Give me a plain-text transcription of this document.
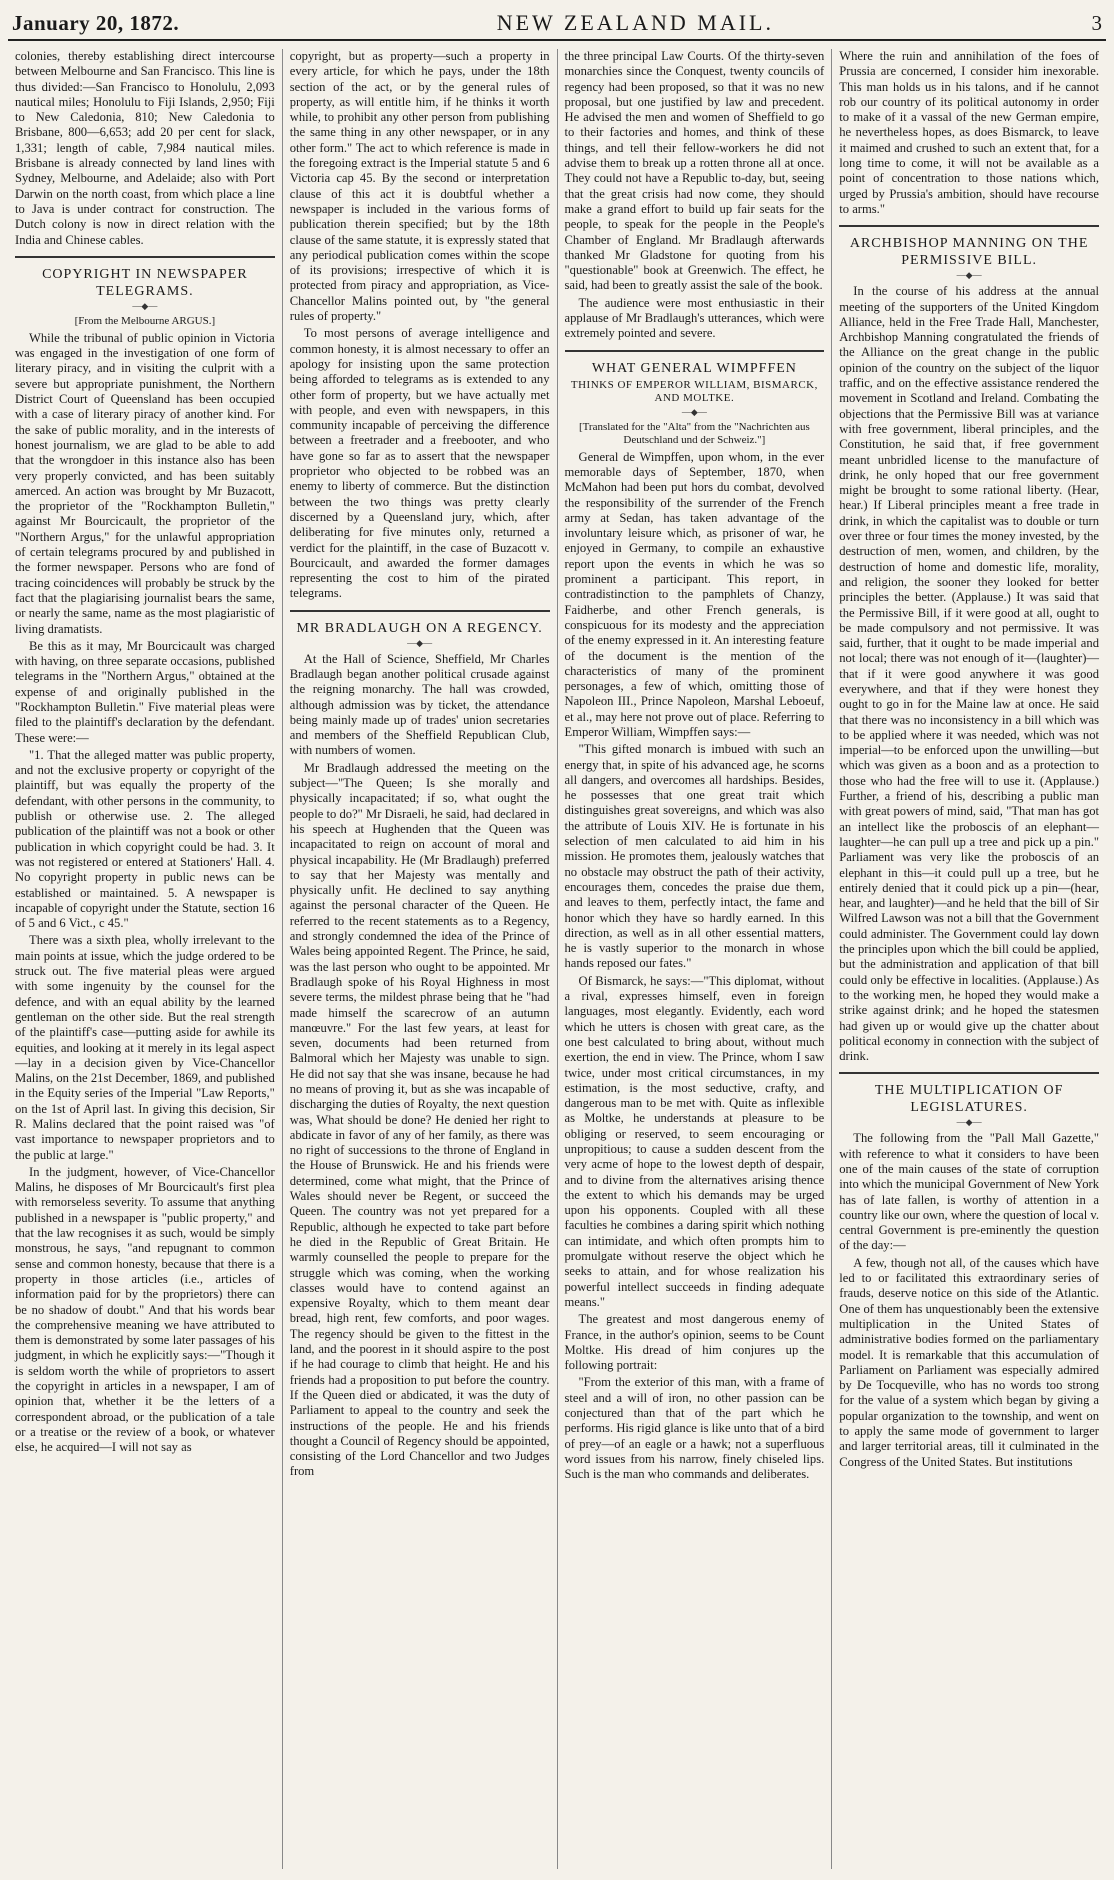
January 20, 1872.	NEW ZEALAND MAIL.	3

colonies, thereby establishing direct intercourse between Melbourne and San Francisco. This line is thus divided:—San Francisco to Honolulu, 2,093 nautical miles; Honolulu to Fiji Islands, 2,950; Fiji to New Caledonia, 810; New Caledonia to Brisbane, 800—6,653; add 20 per cent for slack, 1,331; length of cable, 7,984 nautical miles. Brisbane is already connected by land lines with Sydney, Melbourne, and Adelaide; also with Port Darwin on the north coast, from which place a line to Java is under contract for construction. The Dutch colony is now in direct relation with the India and Chinese cables.

COPYRIGHT IN NEWSPAPER TELEGRAMS.
—◆—
[From the Melbourne ARGUS.]

While the tribunal of public opinion in Victoria was engaged in the investigation of one form of literary piracy, and in visiting the culprit with a severe but appropriate punishment, the Northern District Court of Queensland has been occupied with a case of literary piracy of another kind. For the sake of public morality, and in the interests of honest journalism, we are glad to be able to add that the wrongdoer in this instance also has been very properly convicted, and has been suitably amerced. An action was brought by Mr Buzacott, the proprietor of the "Rockhampton Bulletin," against Mr Bourcicault, the proprietor of the "Northern Argus," for the unlawful appropriation of certain telegrams procured by and published in the former newspaper. Persons who are fond of tracing coincidences will probably be struck by the fact that the plagiarising journalist bears the same, or nearly the same, name as the most plagiaristic of living dramatists.

Be this as it may, Mr Bourcicault was charged with having, on three separate occasions, published telegrams in the "Northern Argus," obtained at the expense of and originally published in the "Rockhampton Bulletin." Five material pleas were filed to the plaintiff's declaration by the defendant. These were:—

"1. That the alleged matter was public property, and not the exclusive property or copyright of the plaintiff, but was equally the property of the defendant, with other persons in the community, to publish or otherwise use. 2. The alleged publication of the plaintiff was not a book or other publication in which copyright could be had. 3. It was not registered or entered at Stationers' Hall. 4. No copyright property in public news can be established or maintained. 5. A newspaper is incapable of copyright under the Statute, section 16 of 5 and 6 Vict., c 45."

There was a sixth plea, wholly irrelevant to the main points at issue, which the judge ordered to be struck out. The five material pleas were argued with some ingenuity by the counsel for the defence, and with an equal ability by the learned gentleman on the other side. But the real strength of the plaintiff's case—putting aside for awhile its equities, and looking at it merely in its legal aspect—lay in a decision given by Vice-Chancellor Malins, on the 21st December, 1869, and published in the Equity series of the Imperial "Law Reports," on the 1st of April last. In giving this decision, Sir R. Malins declared that the point raised was "of vast importance to newspaper proprietors and to the public at large."

In the judgment, however, of Vice-Chancellor Malins, he disposes of Mr Bourcicault's first plea with remorseless severity. To assume that anything published in a newspaper is "public property," and that the law recognises it as such, would be simply monstrous, he says, "and repugnant to common sense and common honesty, because that there is a property in those articles (i.e., articles of information paid for by the proprietors) there can be no shadow of doubt." And that his words bear the comprehensive meaning we have attributed to them is demonstrated by some later passages of his judgment, in which he explicitly says:—"Though it is seldom worth the while of proprietors to assert the copyright in articles in a newspaper, I am of opinion that, whether it be the letters of a correspondent abroad, or the publication of a tale or a treatise or the review of a book, or whatever else, he acquired—I will not say as

copyright, but as property—such a property in every article, for which he pays, under the 18th section of the act, or by the general rules of property, as will entitle him, if he thinks it worth while, to prohibit any other person from publishing the same thing in any other newspaper, or in any other form." The act to which reference is made in the foregoing extract is the Imperial statute 5 and 6 Victoria cap 45. By the second or interpretation clause of this act it is doubtful whether a newspaper is included in the various forms of publication therein specified; but by the 18th clause of the same statute, it is expressly stated that any periodical publication comes within the scope of its provisions; irrespective of which it is protected from piracy and appropriation, as Vice-Chancellor Malins pointed out, by "the general rules of property."

To most persons of average intelligence and common honesty, it is almost necessary to offer an apology for insisting upon the same protection being afforded to telegrams as is extended to any other form of property, but we have actually met with people, and even with newspapers, in this community incapable of perceiving the difference between a freetrader and a freebooter, and who have gone so far as to assert that the newspaper proprietor who objected to be robbed was an enemy to liberty of commerce. But the distinction between the two things was pretty clearly discerned by a Queensland jury, which, after deliberating for five minutes only, returned a verdict for the plaintiff, in the case of Buzacott v. Bourcicault, and awarded the former damages representing the cost to him of the pirated telegrams.

MR BRADLAUGH ON A REGENCY.
—◆—

At the Hall of Science, Sheffield, Mr Charles Bradlaugh began another political crusade against the reigning monarchy. The hall was crowded, although admission was by ticket, the attendance being mainly made up of trades' union secretaries and members of the Sheffield Republican Club, with numbers of women.

Mr Bradlaugh addressed the meeting on the subject—"The Queen; Is she morally and physically incapacitated; if so, what ought the people to do?" Mr Disraeli, he said, had declared in his speech at Hughenden that the Queen was incapacitated to reign on account of moral and physical incapability. He (Mr Bradlaugh) preferred to say that her Majesty was mentally and physically unfit. He declined to say anything against the personal character of the Queen. He referred to the recent statements as to a Regency, and strongly condemned the idea of the Prince of Wales being appointed Regent. The Prince, he said, was the last person who ought to be appointed. Mr Bradlaugh spoke of his Royal Highness in most severe terms, the mildest phrase being that he "had made himself the scarecrow of an autumn manœuvre." For the last few years, at least for seven, documents had been returned from Balmoral which her Majesty was unable to sign. He did not say that she was insane, because he had no means of proving it, but as she was incapable of discharging the duties of Royalty, the next question was, What should be done? He denied her right to abdicate in favor of any of her family, as there was no right of successions to the throne of England in the House of Brunswick. He and his friends were determined, come what might, that the Prince of Wales should never be Regent, or succeed the Queen. The country was not yet prepared for a Republic, although he expected to take part before he died in the Republic of Great Britain. He warmly counselled the people to prepare for the struggle which was coming, when the working classes would have to contend against an expensive Royalty, which to them meant dear bread, high rent, few comforts, and poor wages. The regency should be given to the fittest in the land, and the poorest in it should aspire to the post if he had courage to climb that height. He and his friends had a proposition to put before the country. If the Queen died or abdicated, it was the duty of Parliament to appeal to the country and seek the instructions of the people. He and his friends thought a Council of Regency should be appointed, consisting of the Lord Chancellor and two Judges from

the three principal Law Courts. Of the thirty-seven monarchies since the Conquest, twenty councils of regency had been proposed, so that it was no new proposal, but one justified by law and precedent. He advised the men and women of Sheffield to go to their factories and homes, and think of these things, and tell their fellow-workers he did not advise them to break up a rotten throne all at once. They could not have a Republic to-day, but, seeing that the great crisis had now come, they should make a grand effort to build up fair seats for the people, to speak for the people in the People's Chamber of England. Mr Bradlaugh afterwards thanked Mr Gladstone for quoting from his "questionable" book at Greenwich. The effect, he said, had been to greatly assist the sale of the book.

The audience were most enthusiastic in their applause of Mr Bradlaugh's utterances, which were extremely pointed and severe.

WHAT GENERAL WIMPFFEN
THINKS OF EMPEROR WILLIAM, BISMARCK, AND MOLTKE.
—◆—
[Translated for the "Alta" from the "Nachrichten aus Deutschland und der Schweiz."]

General de Wimpffen, upon whom, in the ever memorable days of September, 1870, when McMahon had been put hors du combat, devolved the responsibility of the surrender of the French army at Sedan, has taken advantage of the involuntary leisure which, as prisoner of war, he enjoyed in Germany, to compile an exhaustive report upon the events in which he was so prominent a participant. This report, in contradistinction to the pamphlets of Chanzy, Faidherbe, and other French generals, is conspicuous for its modesty and the appreciation of the enemy expressed in it. An interesting feature of the document is the mention of the characteristics of many of the prominent personages, a few of which, omitting those of Napoleon III., Prince Napoleon, Marshal Leboeuf, et al., may here not prove out of place. Referring to Emperor William, Wimpffen says:—

"This gifted monarch is imbued with such an energy that, in spite of his advanced age, he scorns all dangers, and overcomes all hardships. Besides, he possesses that one great trait which distinguishes great sovereigns, and which was also the attribute of Louis XIV. He is fortunate in his selection of men calculated to aid him in his mission. He promotes them, jealously watches that no obstacle may obstruct the path of their activity, encourages them, concedes the praise due them, and leaves to them, perfectly intact, the fame and honor which they have so hardly earned. In this direction, as well as in all other essential matters, he is vastly superior to the monarch in whose hands reposed our fates."

Of Bismarck, he says:—"This diplomat, without a rival, expresses himself, even in foreign languages, most elegantly. Evidently, each word which he utters is chosen with great care, as the one best calculated to bring about, without much exertion, the end in view. The Prince, whom I saw twice, under most critical circumstances, in my estimation, is the most seductive, crafty, and dangerous man to be met with. Quite as inflexible as Moltke, he understands at pleasure to be obliging or reserved, to seem encouraging or unpropitious; to cause a sudden descent from the very acme of hope to the lowest depth of despair, and to divine from the alternatives arising thence the extent to which his demands may be urged upon his opponents. Coupled with all these faculties he combines a daring spirit which nothing can intimidate, and which often prompts him to promulgate without reserve the object which he seeks to attain, and for whose realization his powerful intellect succeeds in finding adequate means."

The greatest and most dangerous enemy of France, in the author's opinion, seems to be Count Moltke. His dread of him conjures up the following portrait:

"From the exterior of this man, with a frame of steel and a will of iron, no other passion can be conjectured than that of the part which he performs. His rigid glance is like unto that of a bird of prey—of an eagle or a hawk; not a superfluous word issues from his narrow, finely chiseled lips. Such is the man who commands and deliberates.

Where the ruin and annihilation of the foes of Prussia are concerned, I consider him inexorable. This man holds us in his talons, and if he cannot rob our country of its political autonomy in order to make of it a vassal of the new German empire, he nevertheless hopes, as does Bismarck, to leave it maimed and crushed to such an extent that, for a long time to come, it will not be available as a point of concentration to those nations which, urged by Prussia's ambition, should have recourse to arms."

ARCHBISHOP MANNING ON THE PERMISSIVE BILL.
—◆—

In the course of his address at the annual meeting of the supporters of the United Kingdom Alliance, held in the Free Trade Hall, Manchester, Archbishop Manning congratulated the friends of the Alliance on the great change in the public opinion of the country on the subject of the liquor traffic, and on the effective assistance rendered the movement in Scotland and Ireland. Combating the objections that the Permissive Bill was at variance with free government, liberal principles, and the Constitution, he said that, if free government meant unbridled license to the manufacture of drink, he only hoped that our free government might be brought to some rational liberty. (Hear, hear.) If Liberal principles meant a free trade in drink, in which the capitalist was to double or turn over three or four times the money invested, by the destruction of men, women, and children, by the destruction of home and domestic life, morality, and religion, the sooner they looked for better principles the better. (Applause.) It was said that the Permissive Bill, if it were good at all, ought to be made compulsory and not permissive. It was said, further, that it ought to be made imperial and not local; there was not enough of it—(laughter)—that if it were good anywhere it was good everywhere, and that if they were honest they ought to go in for the Maine law at once. He said that there was no inconsistency in a bill which was to be applied where it was needed, which was not imperial—to be enforced upon the unwilling—but which was given as a boon and as a protection to those who had the free will to use it. (Applause.) Further, a friend of his, describing a public man with great powers of mind, said, "That man has got an intellect like the proboscis of an elephant—laughter—he can pull up a tree and pick up a pin." Parliament was very like the proboscis of an elephant in this—it could pull up a tree, but he entirely denied that it could pick up a pin—(hear, hear, and laughter)—and he held that the bill of Sir Wilfred Lawson was not a bill that the Government could administer. The Government could lay down the principles upon which the bill could be applied, but the administration and application of that bill could only be effective in localities. (Applause.) As to the working men, he hoped they would make a strike against drink; and he hoped the statesmen had given up or would give up the chatter about political economy in connection with the subject of drink.

THE MULTIPLICATION OF LEGISLATURES.
—◆—

The following from the "Pall Mall Gazette," with reference to what it considers to have been one of the main causes of the state of corruption into which the municipal Government of New York has of late fallen, is worthy of attention in a country like our own, where the question of local v. central Government is pre-eminently the question of the day:—

A few, though not all, of the causes which have led to or facilitated this extraordinary series of frauds, deserve notice on this side of the Atlantic. One of them has unquestionably been the extensive multiplication in the United States of administrative bodies formed on the parliamentary model. It is remarkable that this accumulation of Parliament on Parliament was especially admired by De Tocqueville, who has no words too strong for the value of a system which began by giving a popular organization to the township, and went on to apply the same mode of government to larger and larger territorial areas, till it culminated in the Congress of the United States. But institutions
